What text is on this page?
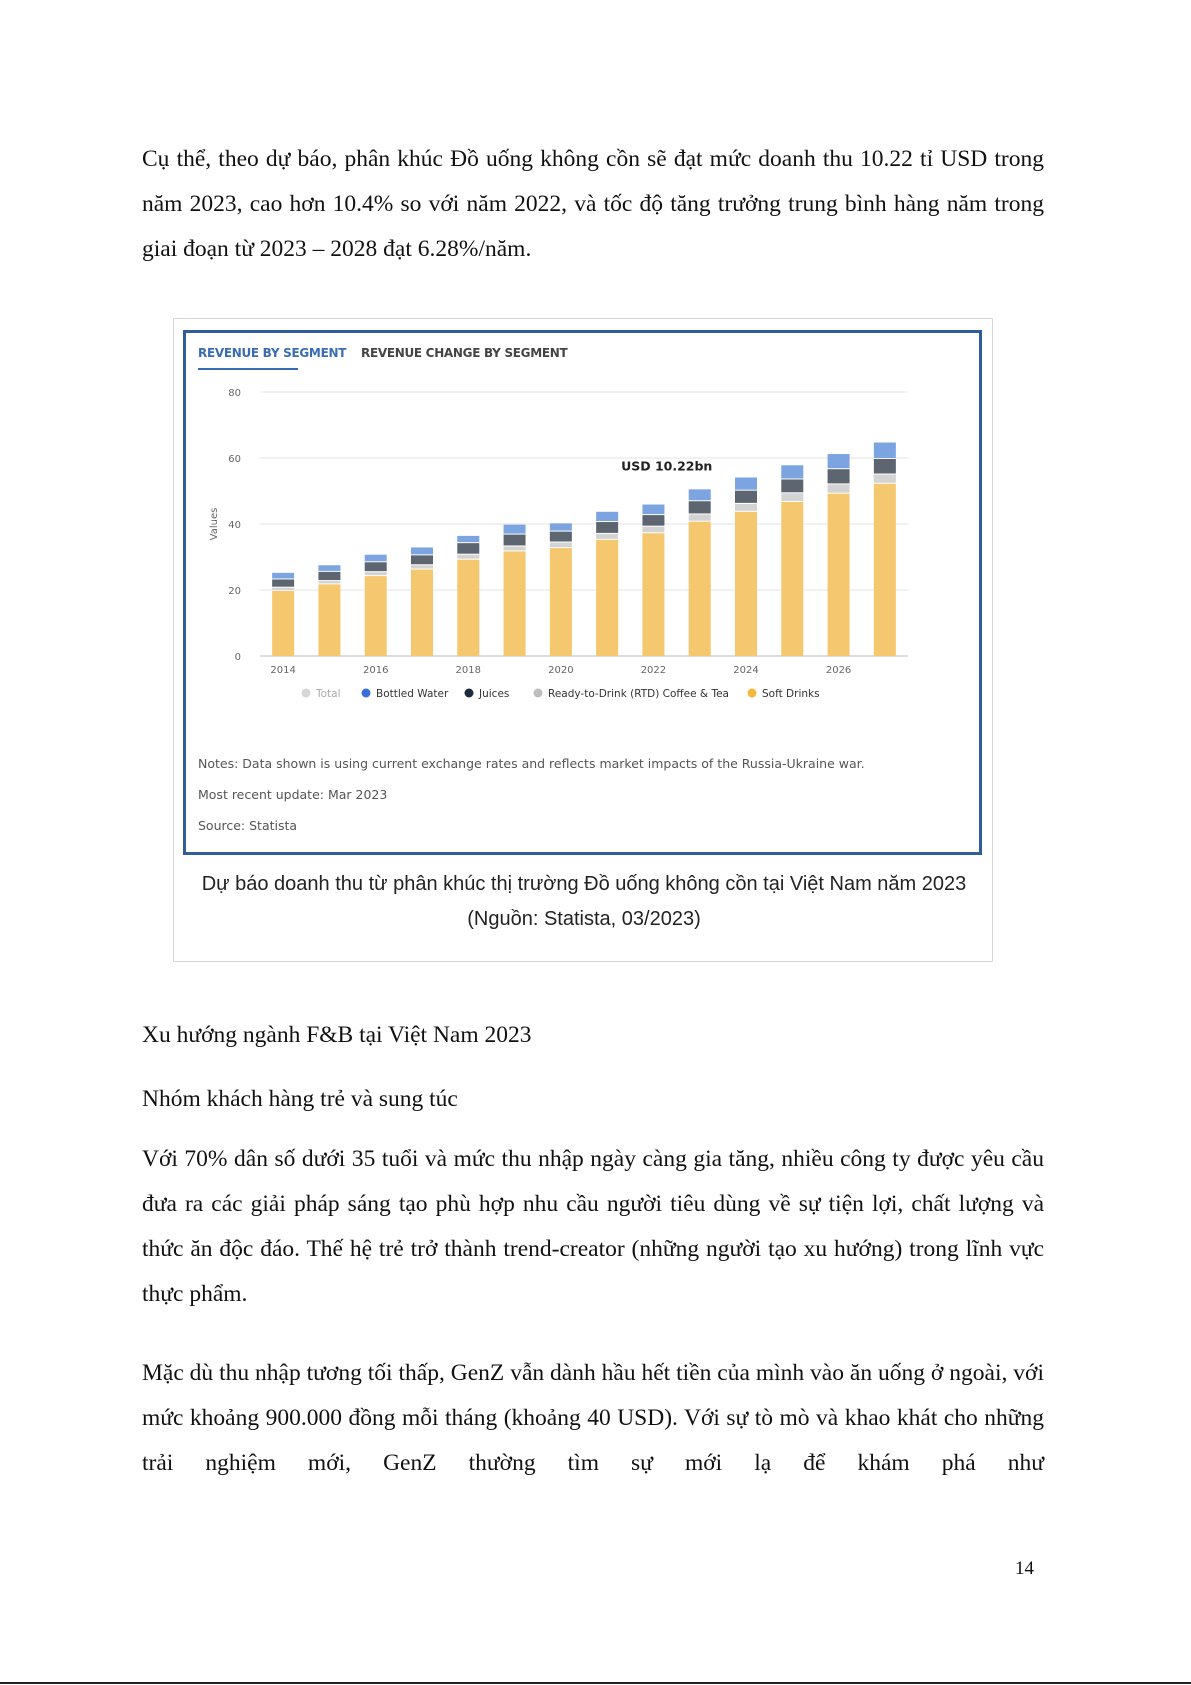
Cụ thể, theo dự báo, phân khúc Đồ uống không cồn sẽ đạt mức doanh thu 10.22 tỉ USD trong năm 2023, cao hơn 10.4% so với năm 2022, và tốc độ tăng trưởng trung bình hàng năm trong giai đoạn từ 2023 – 2028 đạt 6.28%/năm.

REVENUE BY SEGMENT REVENUE CHANGE BY SEGMENT
0
20
40
60
80
Values
2014	2016	2018	2020	2022
USD 10.22bn
2024	2026
Total	Bottled Water	Juices	Ready-to-Drink (RTD) Coffee & Tea	Soft Drinks
Notes: Data shown is using current exchange rates and reflects market impacts of the Russia-Ukraine war.
Most recent update: Mar 2023
Source: Statista
Dự báo doanh thu từ phân khúc thị trường Đồ uống không cồn tại Việt Nam năm 2023 (Nguồn: Statista, 03/2023)

Xu hướng ngành F&B tại Việt Nam 2023

Nhóm khách hàng trẻ và sung túc

Với 70% dân số dưới 35 tuổi và mức thu nhập ngày càng gia tăng, nhiều công ty được yêu cầu đưa ra các giải pháp sáng tạo phù hợp nhu cầu người tiêu dùng về sự tiện lợi, chất lượng và thức ăn độc đáo. Thế hệ trẻ trở thành trend-creator (những người tạo xu hướng) trong lĩnh vực thực phẩm.

Mặc dù thu nhập tương tối thấp, GenZ vẫn dành hầu hết tiền của mình vào ăn uống ở ngoài, với mức khoảng 900.000 đồng mỗi tháng (khoảng 40 USD). Với sự tò mò và khao khát cho những trải nghiệm mới, GenZ thường tìm sự mới lạ để khám phá như

14
